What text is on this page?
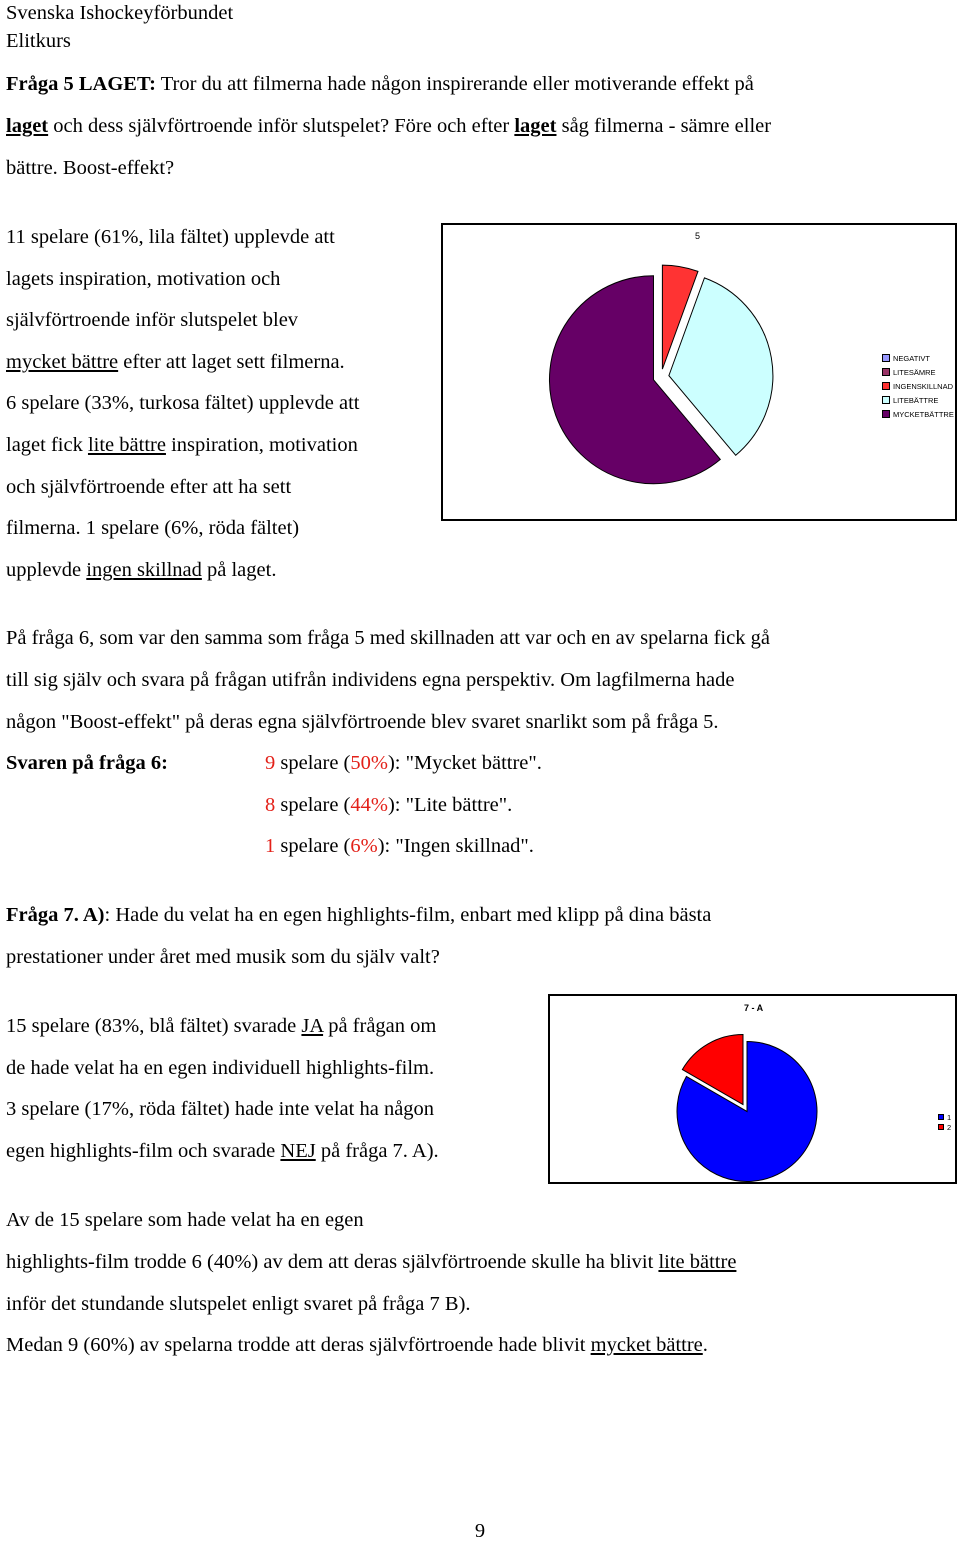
Svenska Ishockeyförbundet
Elitkurs
Fråga 5 LAGET: Tror du att filmerna hade någon inspirerande eller motiverande effekt på
laget och dess självförtroende inför slutspelet? Före och efter laget såg filmerna - sämre eller
bättre. Boost-effekt?
11 spelare (61%, lila fältet) upplevde att
lagets inspiration, motivation och
självförtroende inför slutspelet blev
mycket bättre efter att laget sett filmerna.
6 spelare (33%, turkosa fältet) upplevde att
laget fick lite bättre inspiration, motivation
och självförtroende efter att ha sett
filmerna. 1 spelare (6%, röda fältet)
upplevde ingen skillnad på laget.
5
NEGATIVT
LITESÄMRE
INGENSKILLNAD
LITEBÄTTRE
MYCKETBÄTTRE
På fråga 6, som var den samma som fråga 5 med skillnaden att var och en av spelarna fick gå
till sig själv och svara på frågan utifrån individens egna perspektiv. Om lagfilmerna hade
någon "Boost-effekt" på deras egna självförtroende blev svaret snarlikt som på fråga 5.
Svaren på fråga 6:	9 spelare (50%): "Mycket bättre".
8 spelare (44%): "Lite bättre".
1 spelare (6%): "Ingen skillnad".
Fråga 7. A): Hade du velat ha en egen highlights-film, enbart med klipp på dina bästa
prestationer under året med musik som du själv valt?
15 spelare (83%, blå fältet) svarade JA på frågan om
de hade velat ha en egen individuell highlights-film.
3 spelare (17%, röda fältet) hade inte velat ha någon
egen highlights-film och svarade NEJ på fråga 7. A).
7 - A
1
2
Av de 15 spelare som hade velat ha en egen
highlights-film trodde 6 (40%) av dem att deras självförtroende skulle ha blivit lite bättre
inför det stundande slutspelet enligt svaret på fråga 7 B).
Medan 9 (60%) av spelarna trodde att deras självförtroende hade blivit mycket bättre.
9
